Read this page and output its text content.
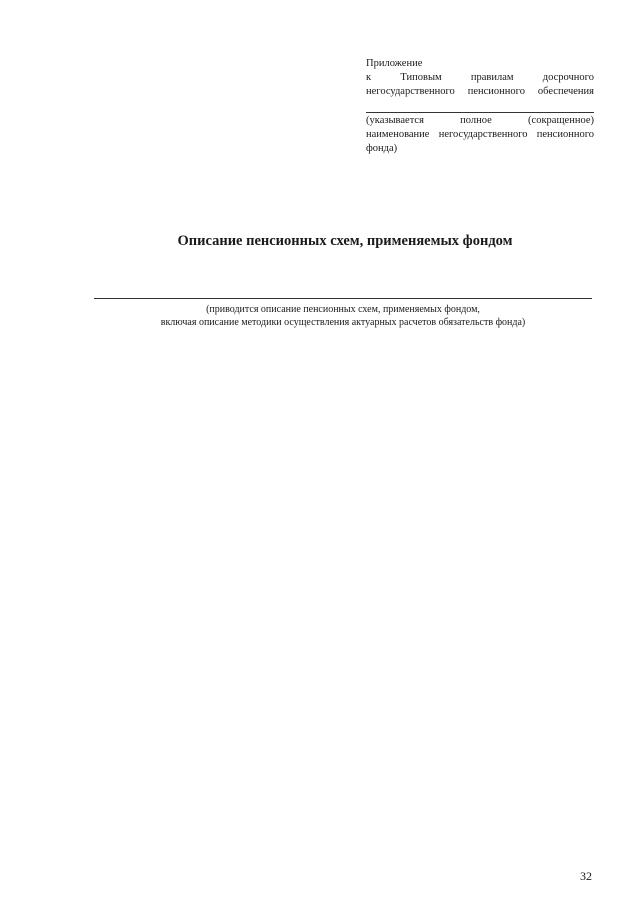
Приложение
к	Типовым	правилам	досрочного
негосударственного пенсионного обеспечения
(указывается	полное	(сокращенное)
наименование негосударственного пенсионного
фонда)
Описание пенсионных схем, применяемых фондом
(приводится описание пенсионных схем, применяемых фондом,
включая описание методики осуществления актуарных расчетов обязательств фонда)
32
